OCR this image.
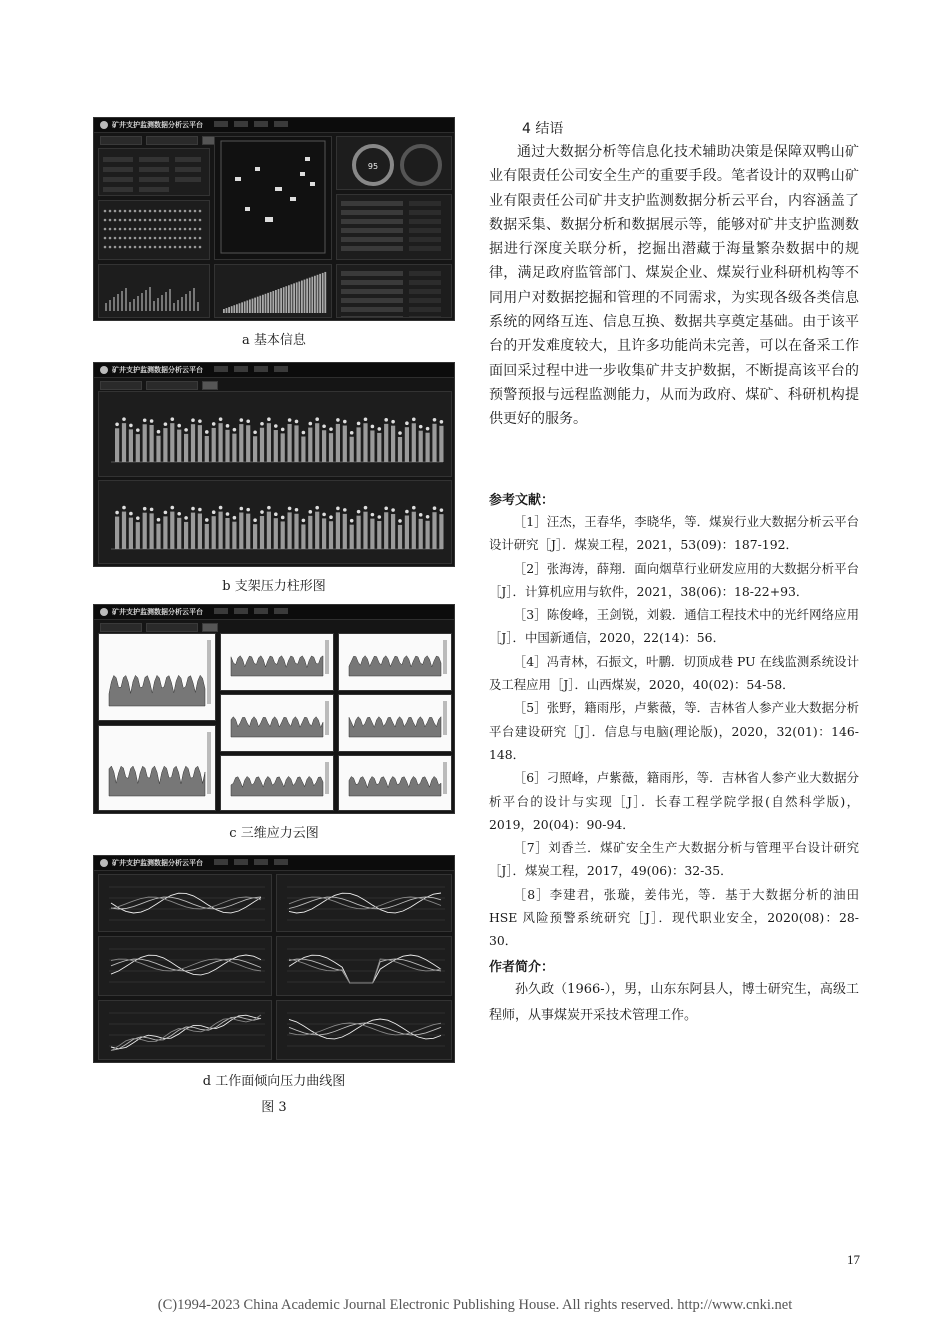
矿井支护监测数据分析云平台
95
a 基本信息
矿井支护监测数据分析云平台
b 支架压力柱形图
矿井支护监测数据分析云平台
c 三维应力云图
矿井支护监测数据分析云平台
d 工作面倾向压力曲线图
图 3
4 结语
通过大数据分析等信息化技术辅助决策是保障双鸭山矿业有限责任公司安全生产的重要手段。笔者设计的双鸭山矿业有限责任公司矿井支护监测数据分析云平台，内容涵盖了数据采集、数据分析和数据展示等，能够对矿井支护监测数据进行深度关联分析，挖掘出潜藏于海量繁杂数据中的规律，满足政府监管部门、煤炭企业、煤炭行业科研机构等不同用户对数据挖掘和管理的不同需求，为实现各级各类信息系统的网络互连、信息互换、数据共享奠定基础。由于该平台的开发难度较大，且许多功能尚未完善，可以在备采工作面回采过程中进一步收集矿井支护数据，不断提高该平台的预警预报与远程监测能力，从而为政府、煤矿、科研机构提供更好的服务。
参考文献：

［1］汪杰，王春华，李晓华，等．煤炭行业大数据分析云平台设计研究［J］．煤炭工程，2021，53(09)：187-192．

［2］张海涛，薛翔．面向烟草行业研发应用的大数据分析平台［J］．计算机应用与软件，2021，38(06)：18-22+93．

［3］陈俊峰，王剑锐，刘毅．通信工程技术中的光纤网络应用［J］．中国新通信，2020，22(14)：56．

［4］冯青林，石振文，叶鹏．切顶成巷 PU 在线监测系统设计及工程应用［J］．山西煤炭，2020，40(02)：54-58．

［5］张野，籍雨彤，卢紫薇，等．吉林省人参产业大数据分析平台建设研究［J］．信息与电脑(理论版)，2020，32(01)：146-148．

［6］刁照峰，卢紫薇，籍雨彤，等．吉林省人参产业大数据分析平台的设计与实现［J］．长春工程学院学报(自然科学版)，2019，20(04)：90-94．

［7］刘香兰．煤矿安全生产大数据分析与管理平台设计研究［J］．煤炭工程，2017，49(06)：32-35．

［8］李建君，张璇，姜伟光，等．基于大数据分析的油田 HSE 风险预警系统研究［J］．现代职业安全，2020(08)：28-30．

作者简介：
孙久政（1966-），男，山东东阿县人，博士研究生，高级工程师，从事煤炭开采技术管理工作。
17
(C)1994-2023 China Academic Journal Electronic Publishing House. All rights reserved. http://www.cnki.net
